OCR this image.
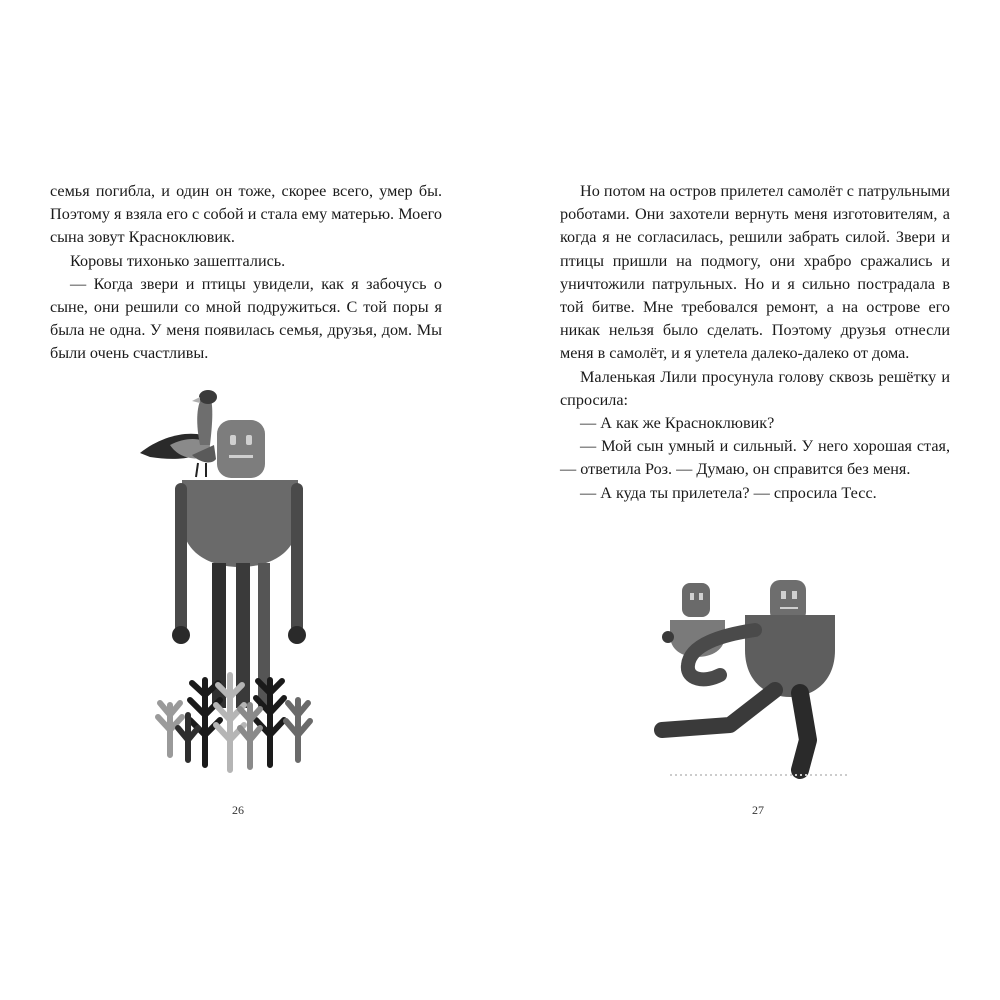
семья погибла, и один он тоже, скорее всего, умер бы. Поэтому я взяла его с собой и стала ему матерью. Моего сына зовут Красноклювик.

Коровы тихонько зашептались.

— Когда звери и птицы увидели, как я забочусь о сыне, они решили со мной подружиться. С той поры я была не одна. У меня появилась семья, друзья, дом. Мы были очень счастливы.

26

Но потом на остров прилетел самолёт с патрульными роботами. Они захотели вернуть меня изготовителям, а когда я не согласилась, решили забрать силой. Звери и птицы пришли на подмогу, они храбро сражались и уничтожили патрульных. Но и я сильно пострадала в той битве. Мне требовался ремонт, а на острове его никак нельзя было сделать. Поэтому друзья отнесли меня в самолёт, и я улетела далеко-далеко от дома.

Маленькая Лили просунула голову сквозь решётку и спросила:

— А как же Красноклювик?

— Мой сын умный и сильный. У него хорошая стая, — ответила Роз. — Думаю, он справится без меня.

— А куда ты прилетела? — спросила Тесс.

27
